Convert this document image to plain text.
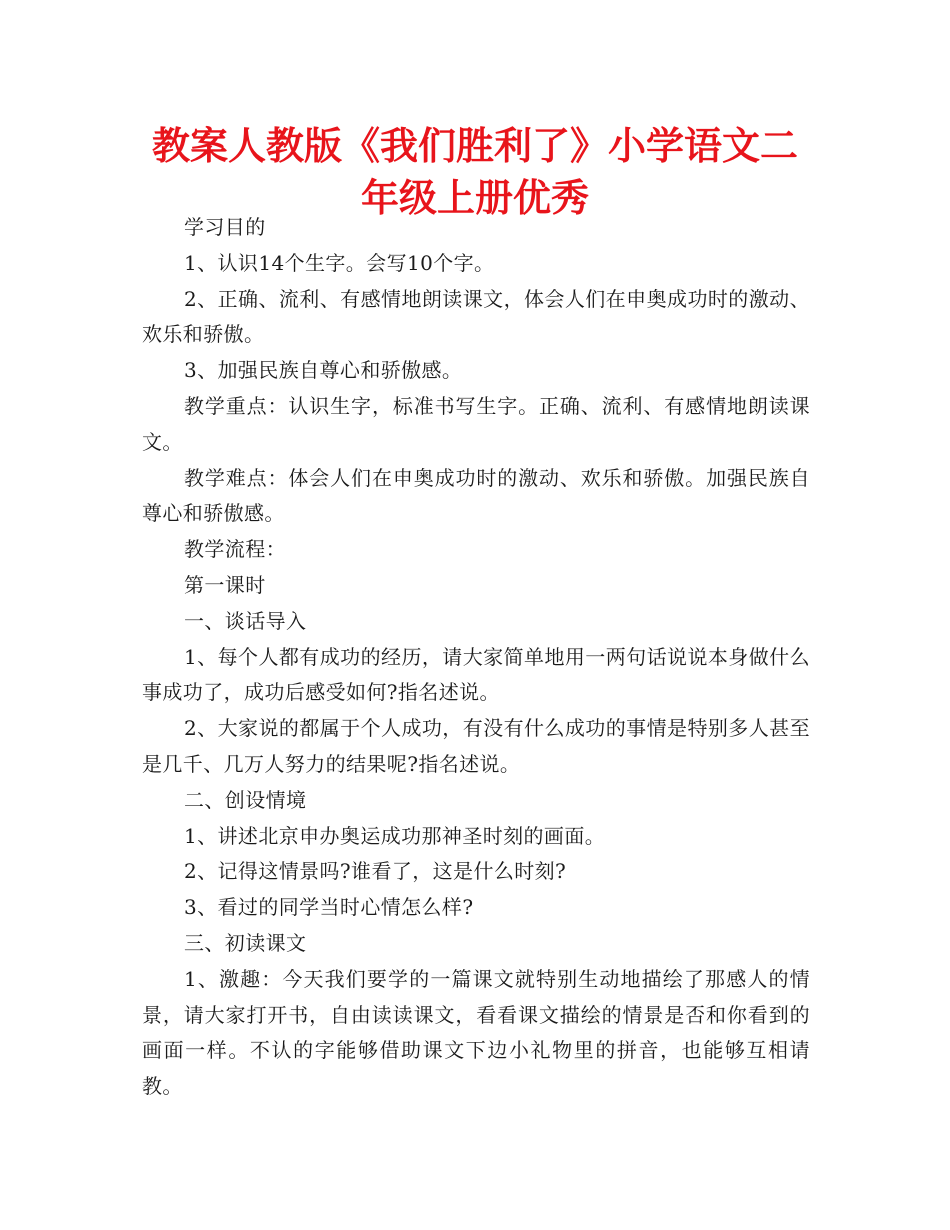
教案人教版《我们胜利了》小学语文二年级上册优秀

学习目的

1、认识14个生字。会写10个字。

2、正确、流利、有感情地朗读课文，体会人们在申奥成功时的激动、欢乐和骄傲。

3、加强民族自尊心和骄傲感。

教学重点：认识生字，标准书写生字。正确、流利、有感情地朗读课文。

教学难点：体会人们在申奥成功时的激动、欢乐和骄傲。加强民族自尊心和骄傲感。

教学流程：

第一课时

一、谈话导入

1、每个人都有成功的经历，请大家简单地用一两句话说说本身做什么事成功了，成功后感受如何?指名述说。

2、大家说的都属于个人成功，有没有什么成功的事情是特别多人甚至是几千、几万人努力的结果呢?指名述说。

二、创设情境

1、讲述北京申办奥运成功那神圣时刻的画面。

2、记得这情景吗?谁看了，这是什么时刻?

3、看过的同学当时心情怎么样?

三、初读课文

1、激趣：今天我们要学的一篇课文就特别生动地描绘了那感人的情景，请大家打开书，自由读读课文，看看课文描绘的情景是否和你看到的画面一样。不认的字能够借助课文下边小礼物里的拼音，也能够互相请教。
